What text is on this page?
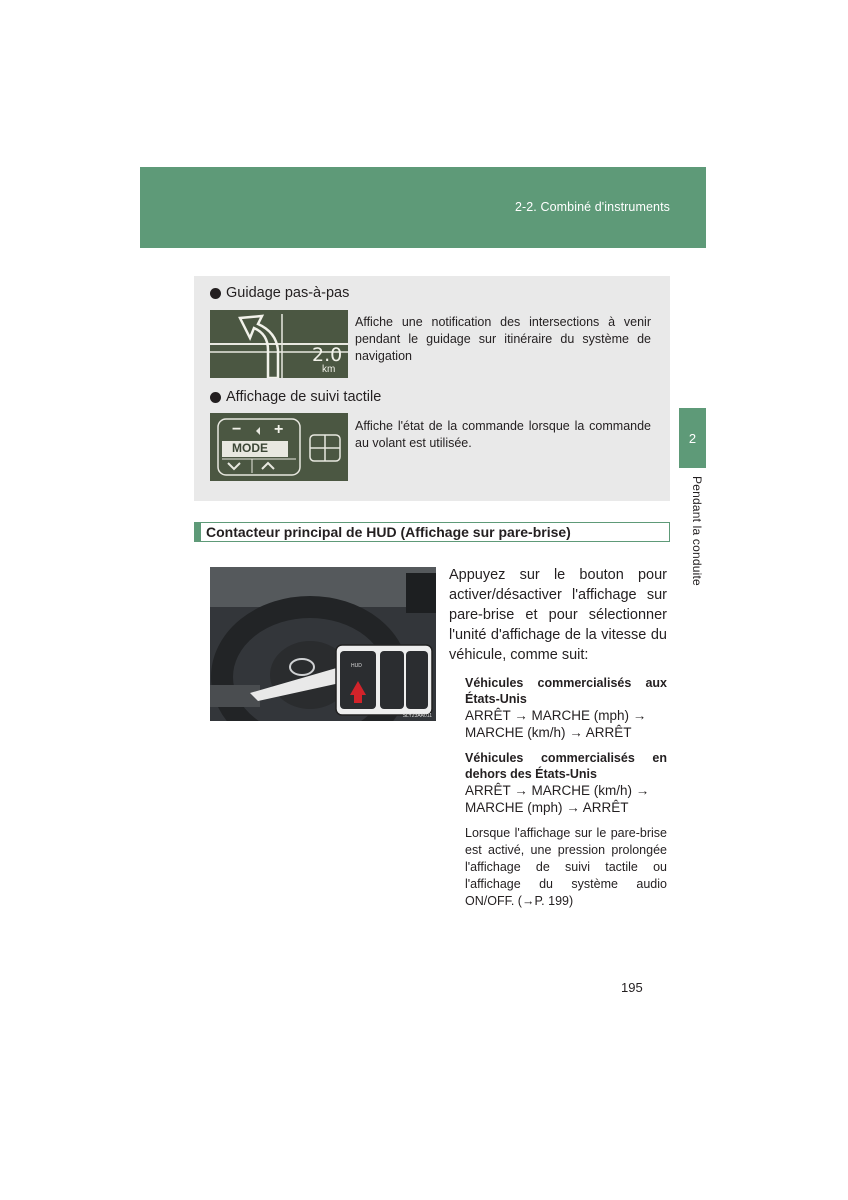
2-2. Combiné d'instruments
2
Pendant la conduite
Guidage pas-à-pas
2.0
km
Affiche une notification des intersections à venir pendant le guidage sur itinéraire du système de navigation
Affichage de suivi tactile
− +
MODE
Affiche l'état de la commande lorsque la commande au volant est utilisée.
Contacteur principal de HUD (Affichage sur pare-brise)
HUD
SLY23AA011
Appuyez sur le bouton pour activer/désactiver l'affichage sur pare-brise et pour sélectionner l'unité d'affichage de la vitesse du véhicule, comme suit:
Véhicules commercialisés aux États-Unis
ARRÊT → MARCHE (mph) → MARCHE (km/h) → ARRÊT
Véhicules commercialisés en dehors des États-Unis
ARRÊT → MARCHE (km/h) → MARCHE (mph) → ARRÊT
Lorsque l'affichage sur le pare-brise est activé, une pression prolongée l'affichage de suivi tactile ou l'affichage du système audio ON/OFF. (→P. 199)
195
